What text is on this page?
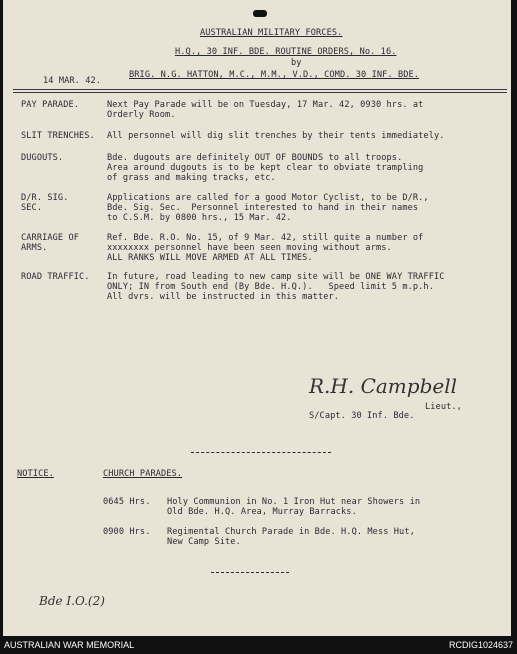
AUSTRALIAN MILITARY FORCES.
H.Q., 30 INF. BDE. ROUTINE ORDERS, No. 16.
by
14 MAR. 42.
BRIG. N.G. HATTON, M.C., M.M., V.D., COMD. 30 INF. BDE.
PAY PARADE.	Next Pay Parade will be on Tuesday, 17 Mar. 42, 0930 hrs. at
Orderly Room.
SLIT TRENCHES. All personnel will dig slit trenches by their tents immediately.
DUGOUTS.	Bde. dugouts are definitely OUT OF BOUNDS to all troops.
Area around dugouts is to be kept clear to obviate trampling
of grass and making tracks, etc.
D/R. SIG.
SEC.
Applications are called for a good Motor Cyclist, to be D/R.,
Bde. Sig. Sec.  Personnel interested to hand in their names
to C.S.M. by 0800 hrs., 15 Mar. 42.
CARRIAGE OF
ARMS.
Ref. Bde. R.O. No. 15, of 9 Mar. 42, still quite a number of
xxxxxxxx personnel have been seen moving without arms.
ALL RANKS WILL MOVE ARMED AT ALL TIMES.
ROAD TRAFFIC. In future, road leading to new camp site will be ONE WAY TRAFFIC
ONLY; IN from South end (By Bde. H.Q.).   Speed limit 5 m.p.h.
All dvrs. will be instructed in this matter.
R.H. Campbell
Lieut.,
S/Capt. 30 Inf. Bde.
NOTICE.	CHURCH PARADES.
0645 Hrs. Holy Communion in No. 1 Iron Hut near Showers in
Old Bde. H.Q. Area, Murray Barracks.
0900 Hrs. Regimental Church Parade in Bde. H.Q. Mess Hut,
New Camp Site.
Bde I.O.(2)
AUSTRALIAN WAR MEMORIAL	RCDIG1024637
